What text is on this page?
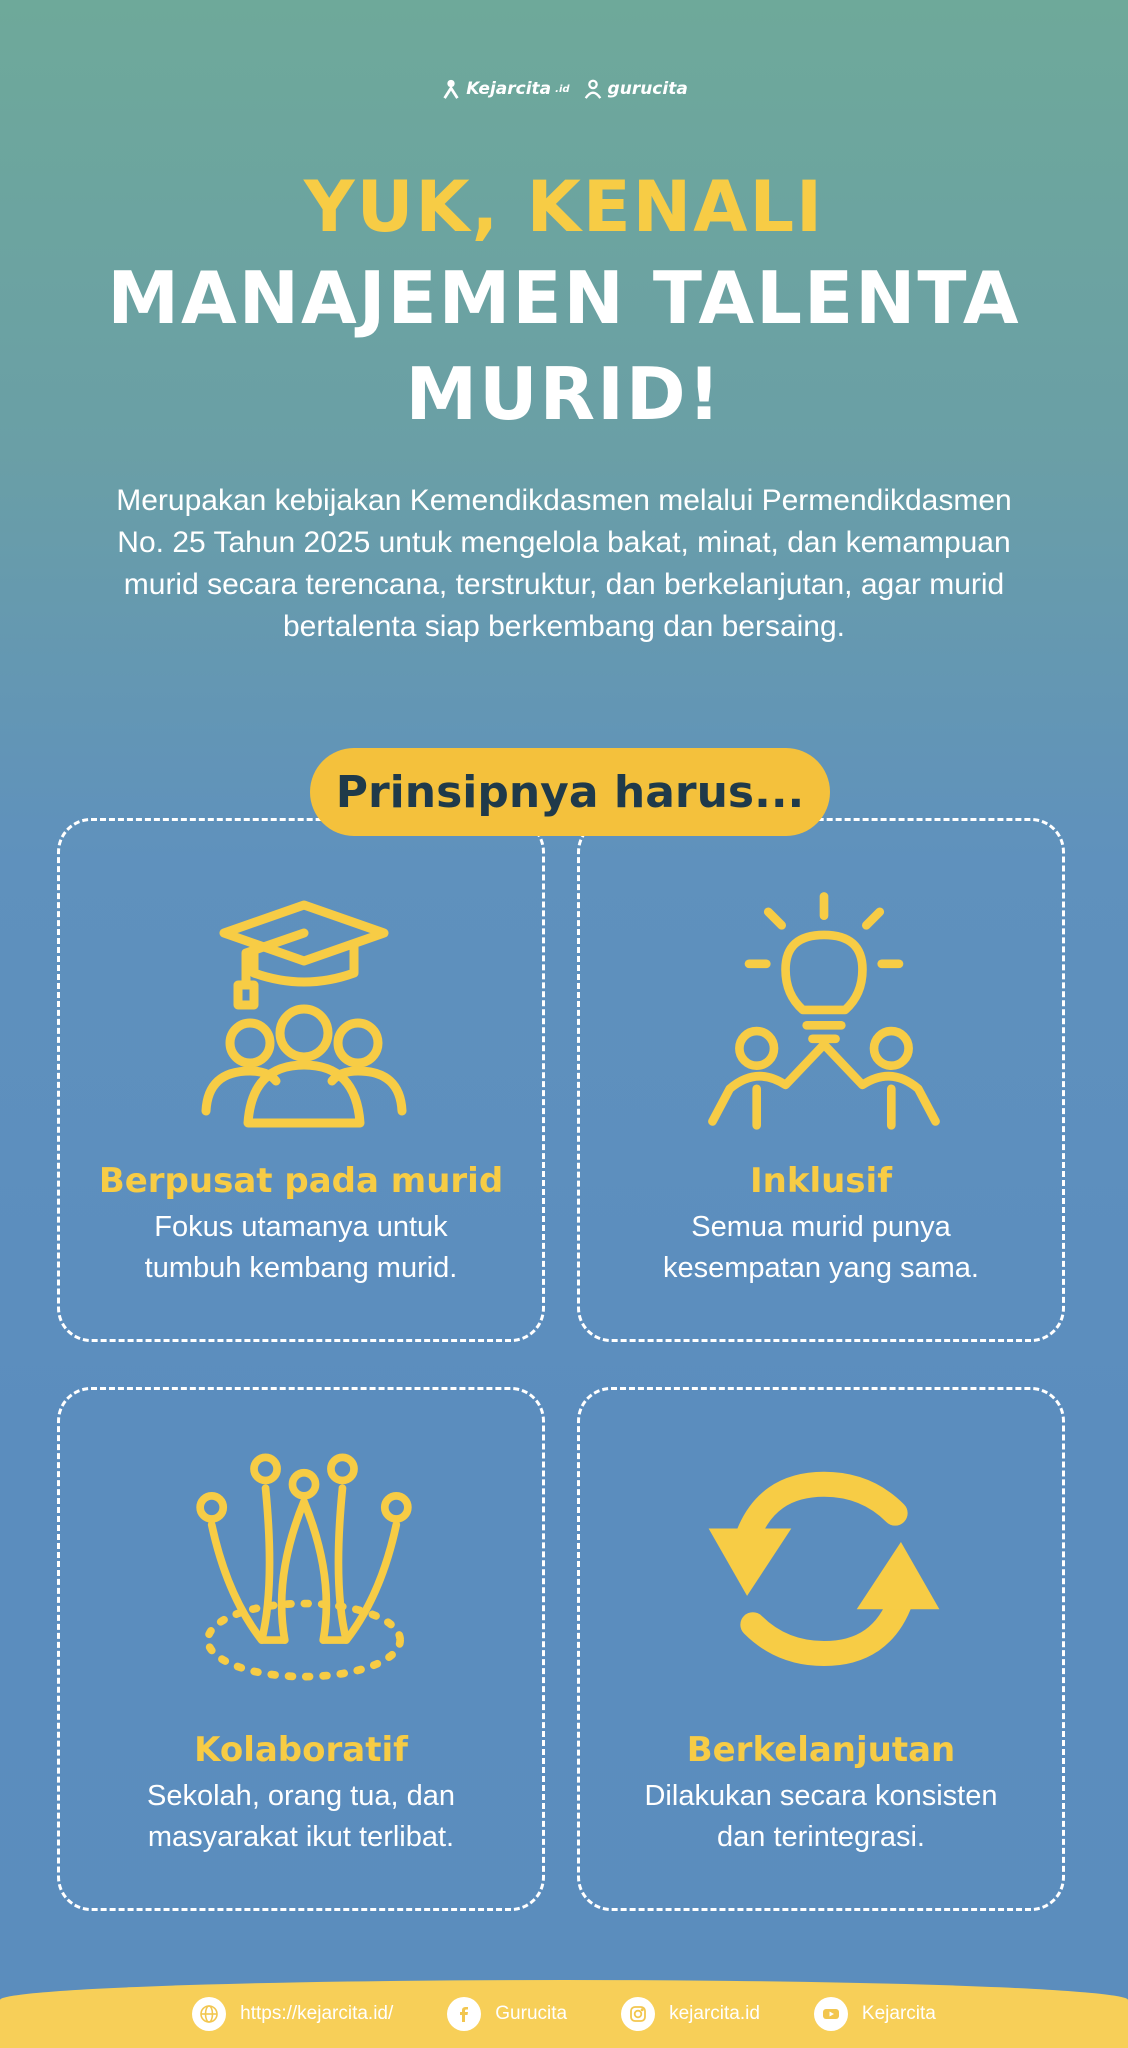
Kejarcita .id gurucita
YUK, KENALI
MANAJEMEN TALENTA
MURID!
Merupakan kebijakan Kemendikdasmen melalui Permendikdasmen No. 25 Tahun 2025 untuk mengelola bakat, minat, dan kemampuan murid secara terencana, terstruktur, dan berkelanjutan, agar murid bertalenta siap berkembang dan bersaing.
Prinsipnya harus...
Berpusat pada murid
Fokus utamanya untuk
tumbuh kembang murid.
Inklusif
Semua murid punya
kesempatan yang sama.
Kolaboratif
Sekolah, orang tua, dan
masyarakat ikut terlibat.
Berkelanjutan
Dilakukan secara konsisten
dan terintegrasi.
https://kejarcita.id/	Gurucita	kejarcita.id	Kejarcita
